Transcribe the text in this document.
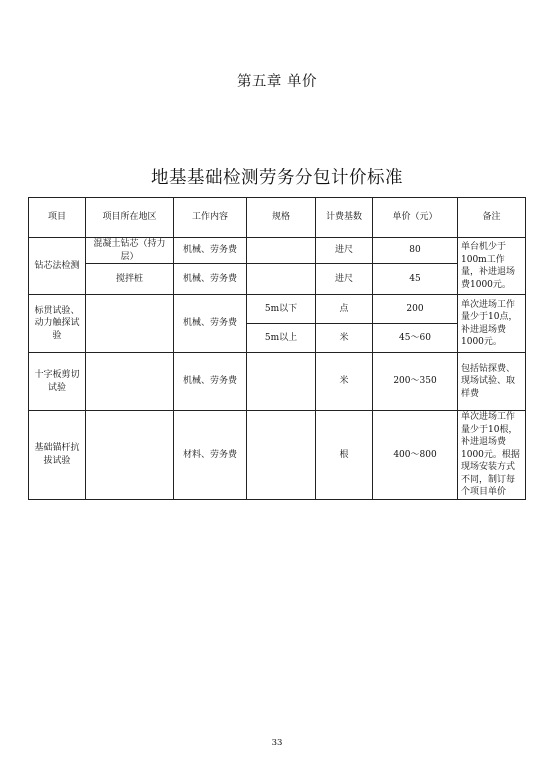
第五章 单价
地基基础检测劳务分包计价标准
项目	项目所在地区	工作内容	规格	计费基数	单价（元）	备注
钻芯法检测	混凝土钻芯（持力层）	机械、劳务费		进尺	80	单台机少于100m工作量，补进退场费1000元。
	搅拌桩	机械、劳务费		进尺	45	
标贯试验、动力触探试验		机械、劳务费	5m以下	点	200	单次进场工作量少于10点，补进退场费1000元。
			5m以上	米	45～60	
十字板剪切试验		机械、劳务费		米	200～350	包括钻探费、现场试验、取样费
基础锚杆抗拔试验		材料、劳务费		根	400～800	单次进场工作量少于10根，补进退场费1000元。根据现场安装方式不同，制订每个项目单价
33
